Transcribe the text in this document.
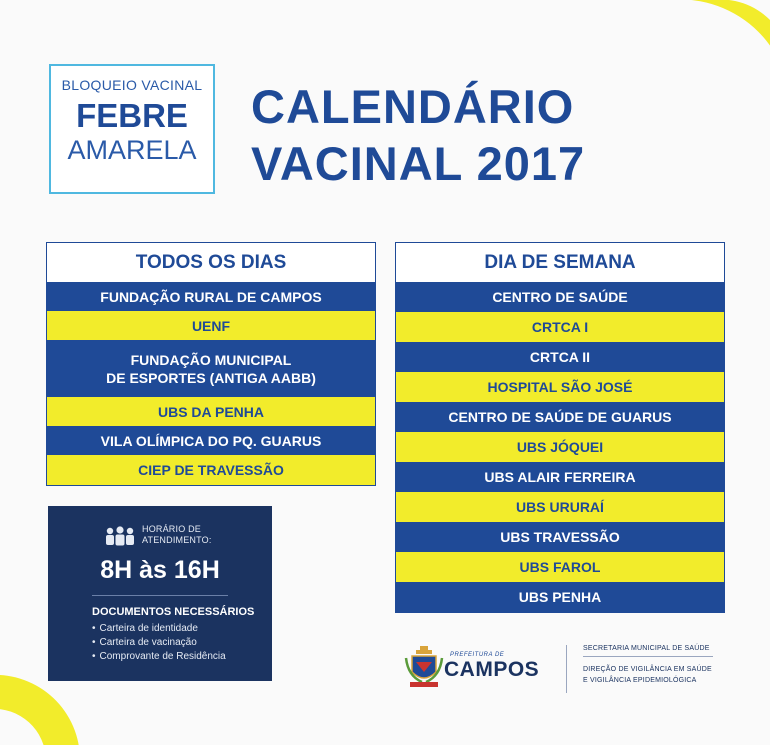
BLOQUEIO VACINAL
FEBRE
AMARELA
CALENDÁRIO
VACINAL 2017
TODOS OS DIAS
FUNDAÇÃO RURAL DE CAMPOS
UENF
FUNDAÇÃO MUNICIPAL
DE ESPORTES (ANTIGA AABB)
UBS DA PENHA
VILA OLÍMPICA DO PQ. GUARUS
CIEP DE TRAVESSÃO
DIA DE SEMANA
CENTRO DE SAÚDE
CRTCA I
CRTCA II
HOSPITAL SÃO JOSÉ
CENTRO DE SAÚDE DE GUARUS
UBS JÓQUEI
UBS ALAIR FERREIRA
UBS URURAÍ
UBS TRAVESSÃO
UBS FAROL
UBS PENHA
HORÁRIO DE
ATENDIMENTO:
8H às 16H
DOCUMENTOS NECESSÁRIOS
• Carteira de identidade
• Carteira de vacinação
• Comprovante de Residência	PREFEITURA DE
CAMPOS
SECRETARIA MUNICIPAL DE SAÚDE
DIREÇÃO DE VIGILÂNCIA EM SAÚDE
E VIGILÂNCIA EPIDEMIOLÓGICA
